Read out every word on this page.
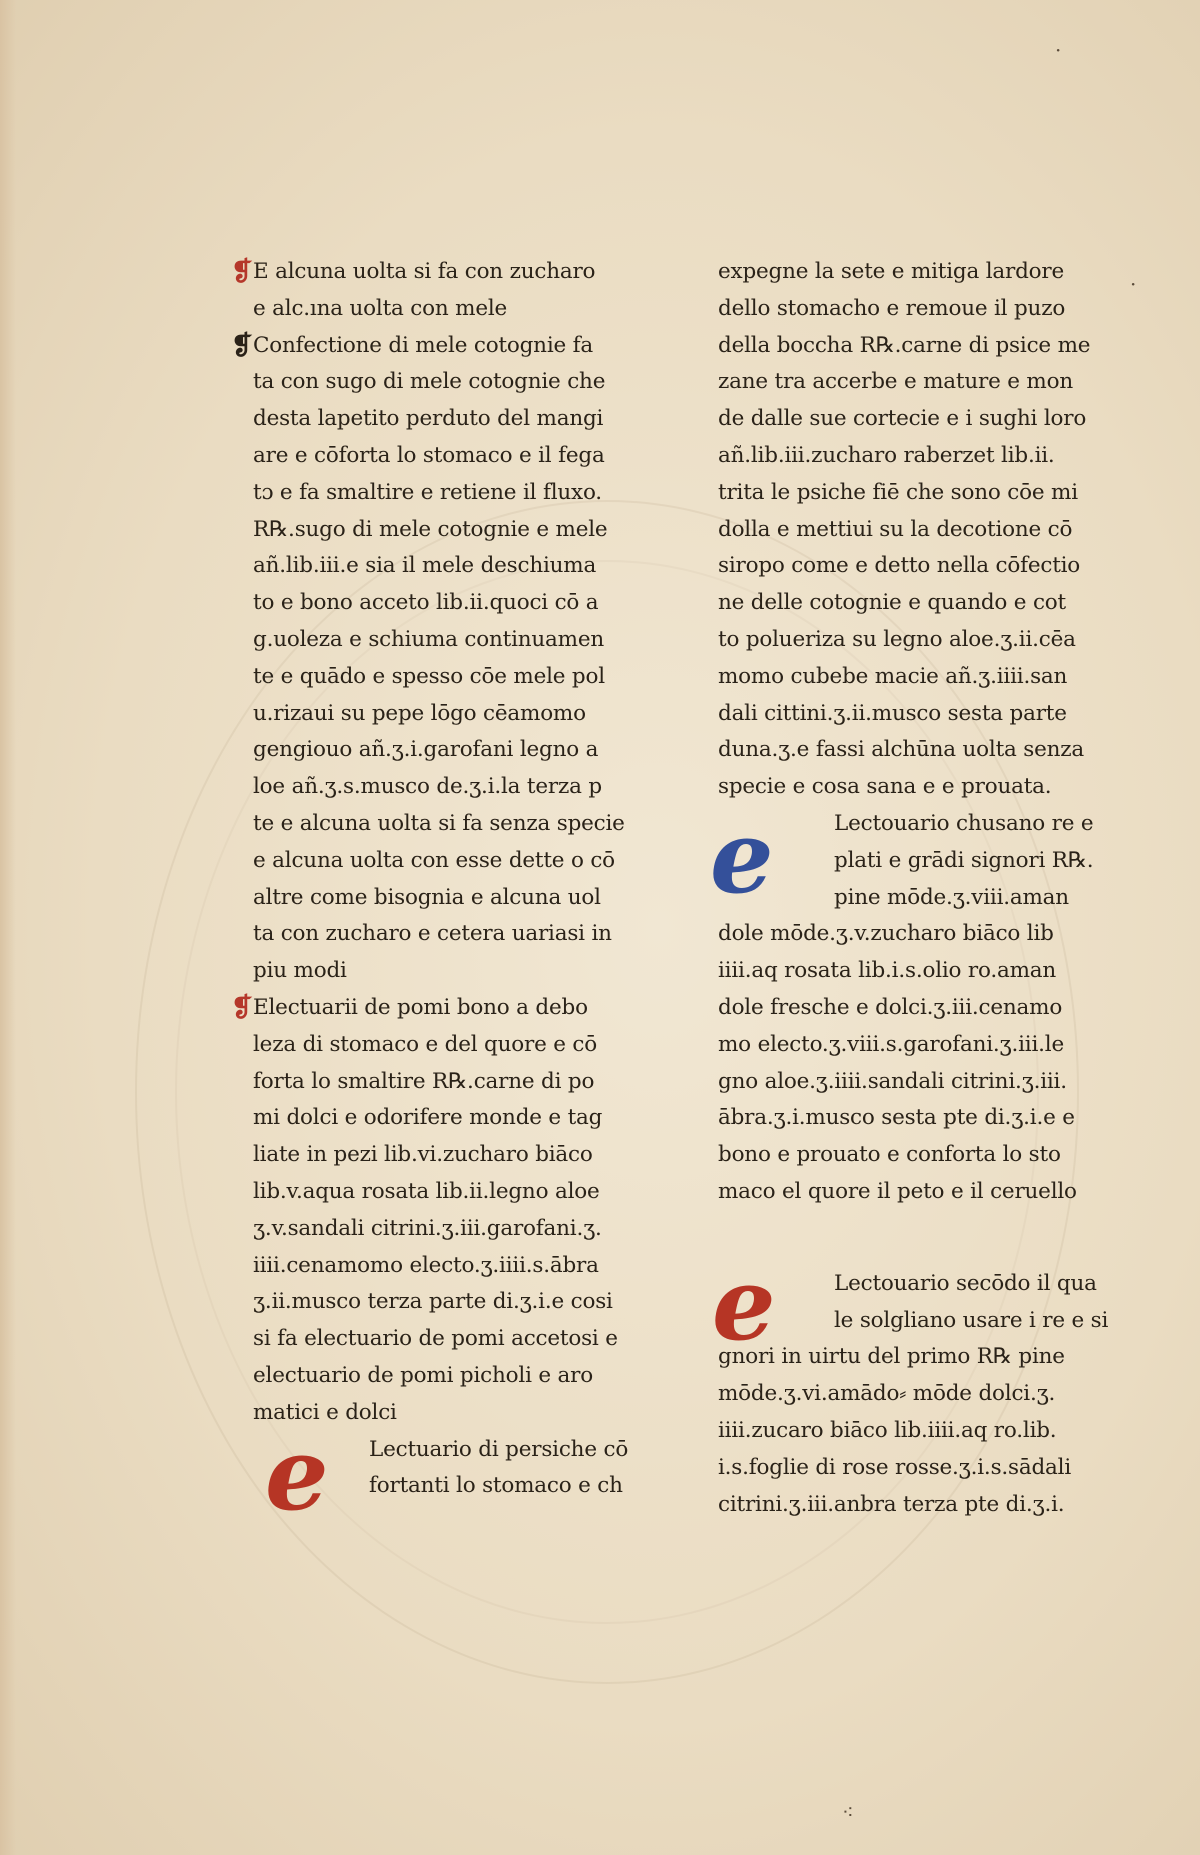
❡ E alcuna uolta si fa con zucharo
e alc.ına uolta con mele
❡ Confectione di mele cotognie fa
ta con sugo di mele cotognie che
desta lapetito perduto del mangi
are e cōforta lo stomaco e il fega
tɔ e fa smaltire e retiene il fluxo.
R℞.sugo di mele cotognie e mele
añ.lib.iii.e sia il mele deschiuma
to e bono acceto lib.ii.quoci cō a
g.uoleza e schiuma continuamen
te e quādo e spesso cōe mele pol
u.rizaui su pepe lōgo cēamomo
gengiouo añ.ʒ.i.garofani legno a
loe añ.ʒ.s.musco de.ʒ.i.la terza p
te e alcuna uolta si fa senza specie
e alcuna uolta con esse dette o cō
altre come bisognia e alcuna uol
ta con zucharo e cetera uariasi in
piu modi
❡ Electuarii de pomi bono a debo
leza di stomaco e del quore e cō
forta lo smaltire R℞.carne di po
mi dolci e odorifere monde e tag
liate in pezi lib.vi.zucharo biāco
lib.v.aqua rosata lib.ii.legno aloe
ʒ.v.sandali citrini.ʒ.iii.garofani.ʒ.
iiii.cenamomo electo.ʒ.iiii.s.ābra
ʒ.ii.musco terza parte di.ʒ.i.e cosi
si fa electuario de pomi accetosi e
electuario de pomi picholi e aro
matici e dolci
Lectuario di persiche cō
fortanti lo stomaco e ch
e
expegne la sete e mitiga lardore
dello stomacho e remoue il puzo
della boccha R℞.carne di psice me
zane tra accerbe e mature e mon
de dalle sue cortecie e i sughi loro
añ.lib.iii.zucharo raberzet lib.ii.
trita le psiche fiē che sono cōe mi
dolla e mettiui su la decotione cō
siropo come e detto nella cōfectio
ne delle cotognie e quando e cot
to polueriza su legno aloe.ʒ.ii.cēa
momo cubebe macie añ.ʒ.iiii.san
dali cittini.ʒ.ii.musco sesta parte
duna.ʒ.e fassi alchūna uolta senza
specie e cosa sana e e prouata.
Lectouario chusano re e
plati e grādi signori R℞.
pine mōde.ʒ.viii.aman
dole mōde.ʒ.v.zucharo biāco lib
iiii.aq rosata lib.i.s.olio ro.aman
dole fresche e dolci.ʒ.iii.cenamo
mo electo.ʒ.viii.s.garofani.ʒ.iii.le
gno aloe.ʒ.iiii.sandali citrini.ʒ.iii.
ābra.ʒ.i.musco sesta pte di.ʒ.i.e e
bono e prouato e conforta lo sto
maco el quore il peto e il ceruello
Lectouario secōdo il qua
le solgliano usare i re e si
gnori in uirtu del primo R℞ pine
mōde.ʒ.vi.amādo⸗ mōde dolci.ʒ.
iiii.zucaro biāco lib.iiii.aq ro.lib.
i.s.foglie di rose rosse.ʒ.i.s.sādali
citrini.ʒ.iii.anbra terza pte di.ʒ.i.
e
e
·
·
⁖
